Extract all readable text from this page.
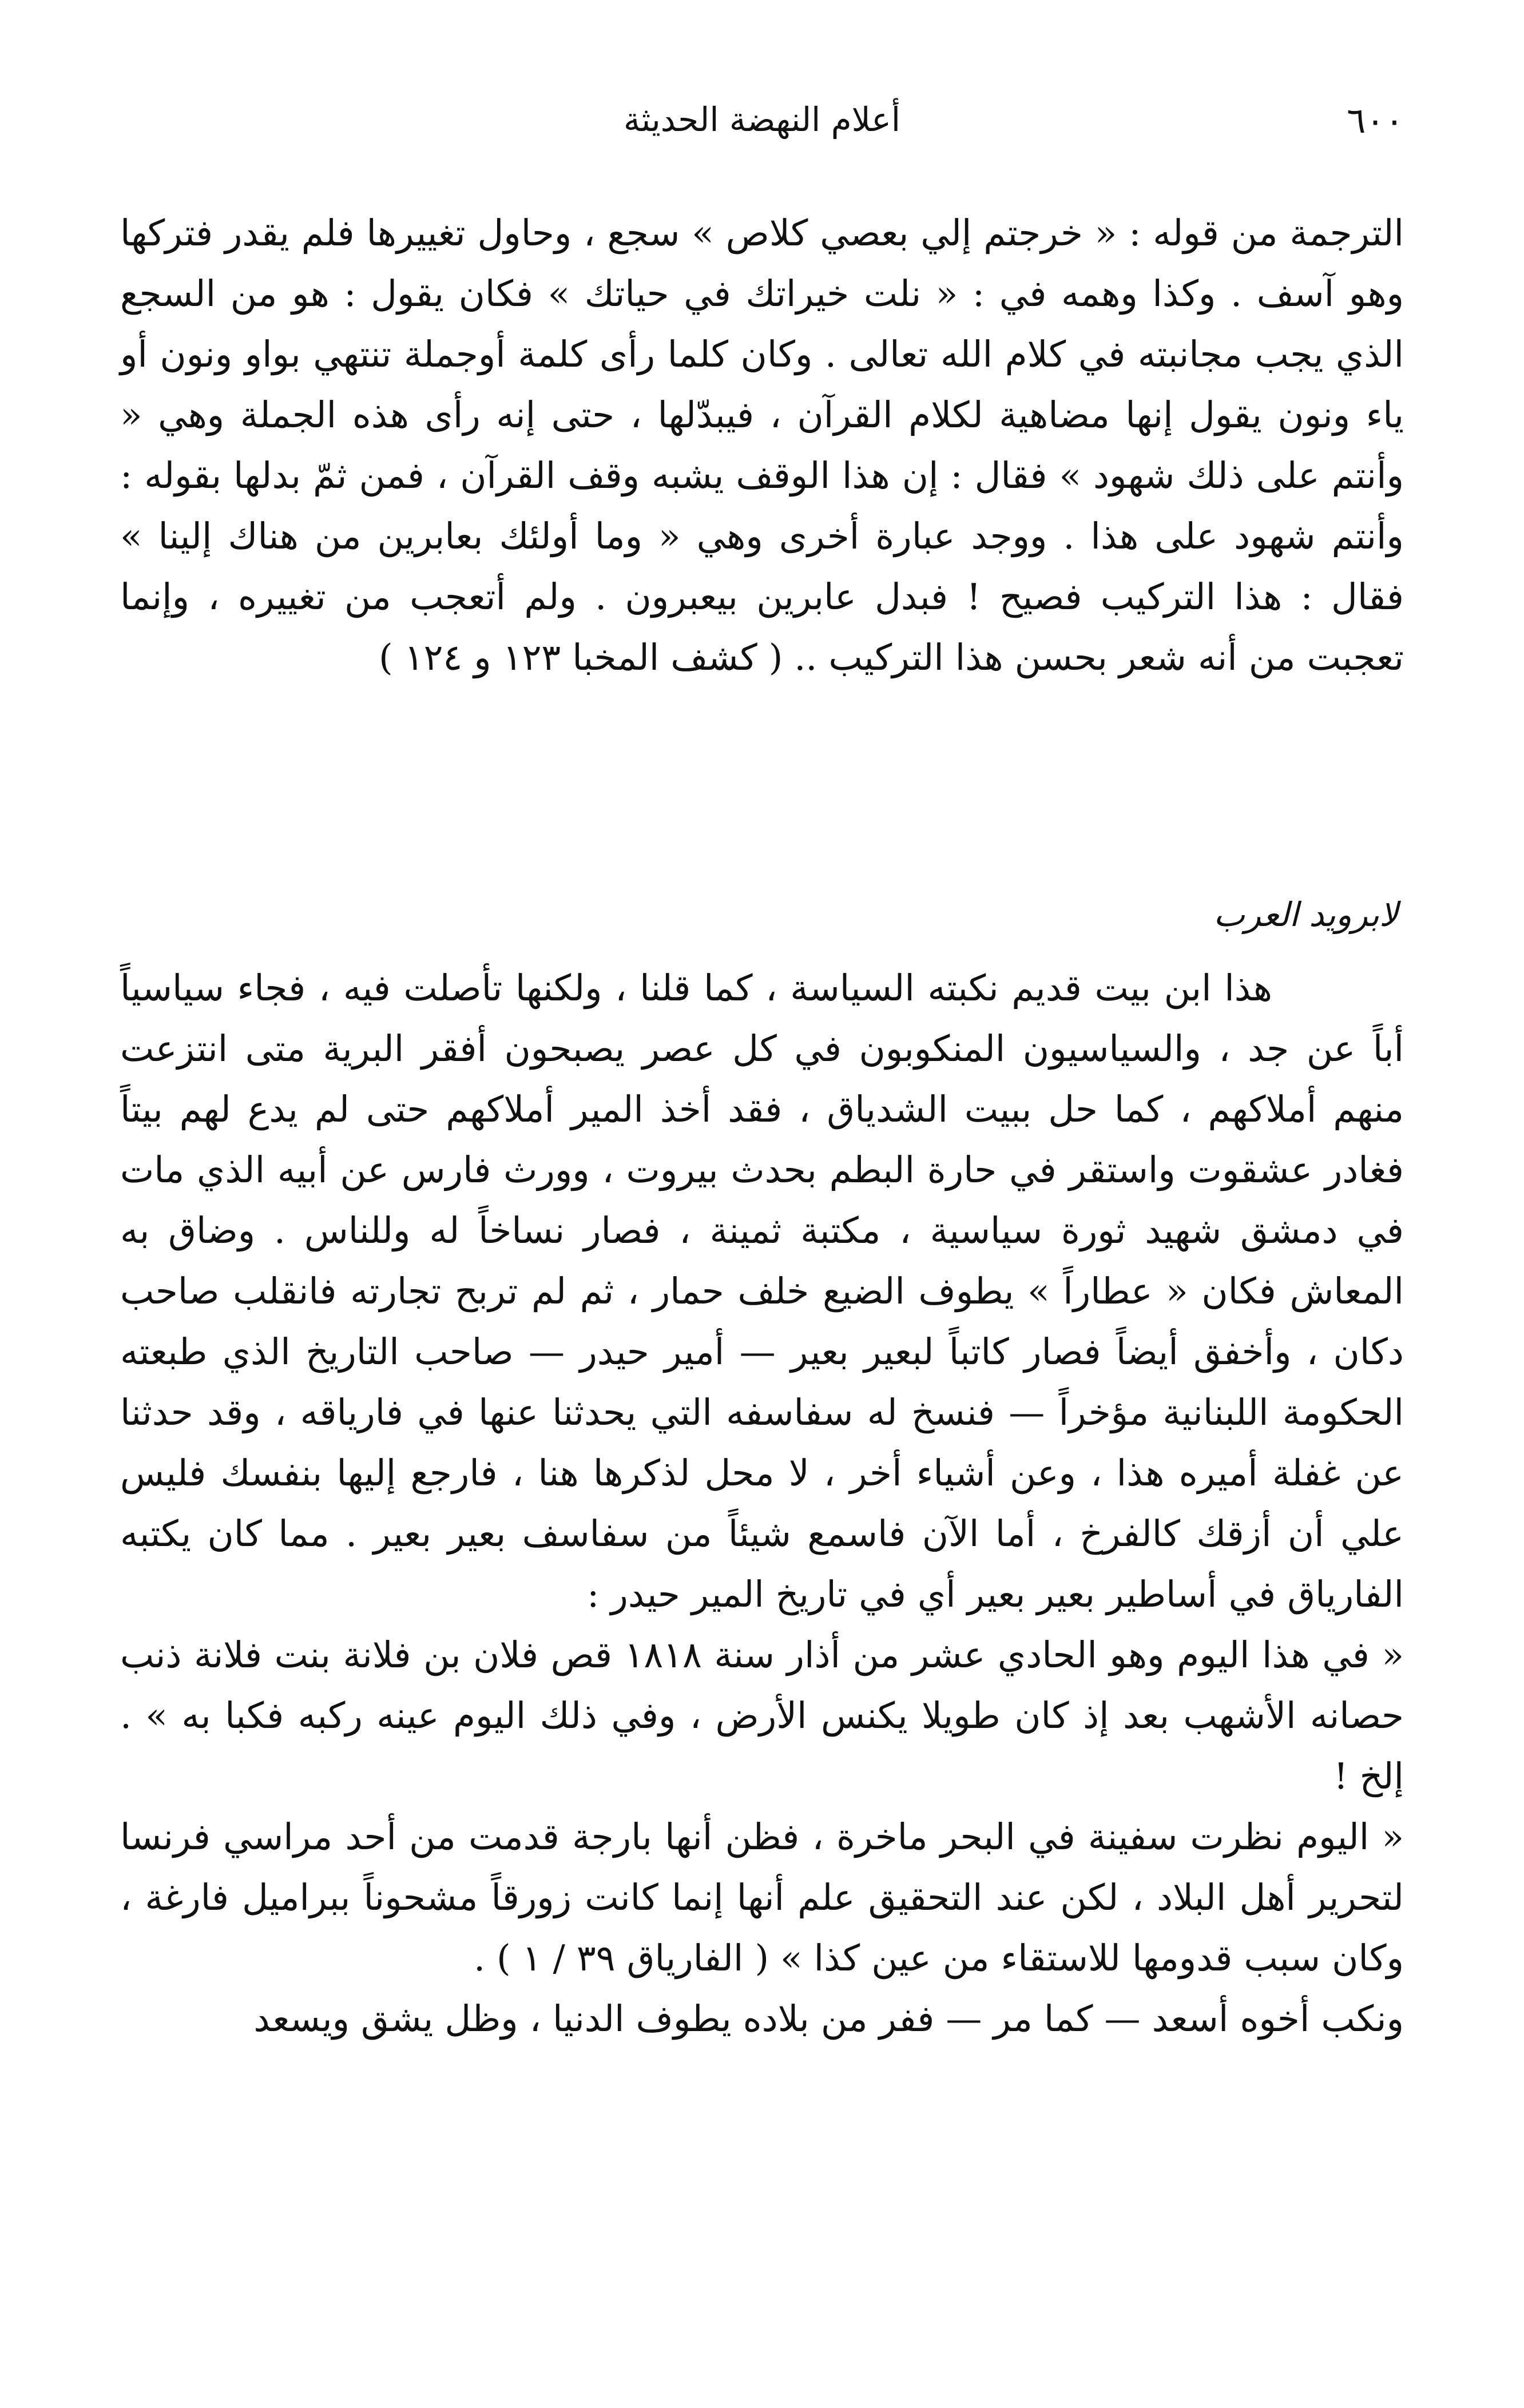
٦٠٠
أعلام النهضة الحديثة

الترجمة من قوله : « خرجتم إلي بعصي كلاص » سجع ، وحاول تغييرها فلم يقدر فتركها وهو آسف . وكذا وهمه في : « نلت خيراتك في حياتك » فكان يقول : هو من السجع الذي يجب مجانبته في كلام الله تعالى . وكان كلما رأى كلمة أوجملة تنتهي بواو ونون أو ياء ونون يقول إنها مضاهية لكلام القرآن ، فيبدّلها ، حتى إنه رأى هذه الجملة وهي « وأنتم على ذلك شهود » فقال : إن هذا الوقف يشبه وقف القرآن ، فمن ثمّ بدلها بقوله : وأنتم شهود على هذا . ووجد عبارة أخرى وهي « وما أولئك بعابرين من هناك إلينا » فقال : هذا التركيب فصيح ! فبدل عابرين بيعبرون . ولم أتعجب من تغييره ، وإنما تعجبت من أنه شعر بحسن هذا التركيب .. ( كشف المخبا ١٢٣ و ١٢٤ )

لابرويد العرب

هذا ابن بيت قديم نكبته السياسة ، كما قلنا ، ولكنها تأصلت فيه ، فجاء سياسياً أباً عن جد ، والسياسيون المنكوبون في كل عصر يصبحون أفقر البرية متى انتزعت منهم أملاكهم ، كما حل ببيت الشدياق ، فقد أخذ المير أملاكهم حتى لم يدع لهم بيتاً فغادر عشقوت واستقر في حارة البطم بحدث بيروت ، وورث فارس عن أبيه الذي مات في دمشق شهيد ثورة سياسية ، مكتبة ثمينة ، فصار نساخاً له وللناس . وضاق به المعاش فكان « عطاراً » يطوف الضيع خلف حمار ، ثم لم تربح تجارته فانقلب صاحب دكان ، وأخفق أيضاً فصار كاتباً لبعير بعير — أمير حيدر — صاحب التاريخ الذي طبعته الحكومة اللبنانية مؤخراً — فنسخ له سفاسفه التي يحدثنا عنها في فارياقه ، وقد حدثنا عن غفلة أميره هذا ، وعن أشياء أخر ، لا محل لذكرها هنا ، فارجع إليها بنفسك فليس علي أن أزقك كالفرخ ، أما الآن فاسمع شيئاً من سفاسف بعير بعير . مما كان يكتبه الفارياق في أساطير بعير بعير أي في تاريخ المير حيدر :

« في هذا اليوم وهو الحادي عشر من أذار سنة ١٨١٨ قص فلان بن فلانة بنت فلانة ذنب حصانه الأشهب بعد إذ كان طويلا يكنس الأرض ، وفي ذلك اليوم عينه ركبه فكبا به » . إلخ !

« اليوم نظرت سفينة في البحر ماخرة ، فظن أنها بارجة قدمت من أحد مراسي فرنسا لتحرير أهل البلاد ، لكن عند التحقيق علم أنها إنما كانت زورقاً مشحوناً ببراميل فارغة ، وكان سبب قدومها للاستقاء من عين كذا » ( الفارياق ٣٩ / ١ ) .

ونكب أخوه أسعد — كما مر — ففر من بلاده يطوف الدنيا ، وظل يشق ويسعد
